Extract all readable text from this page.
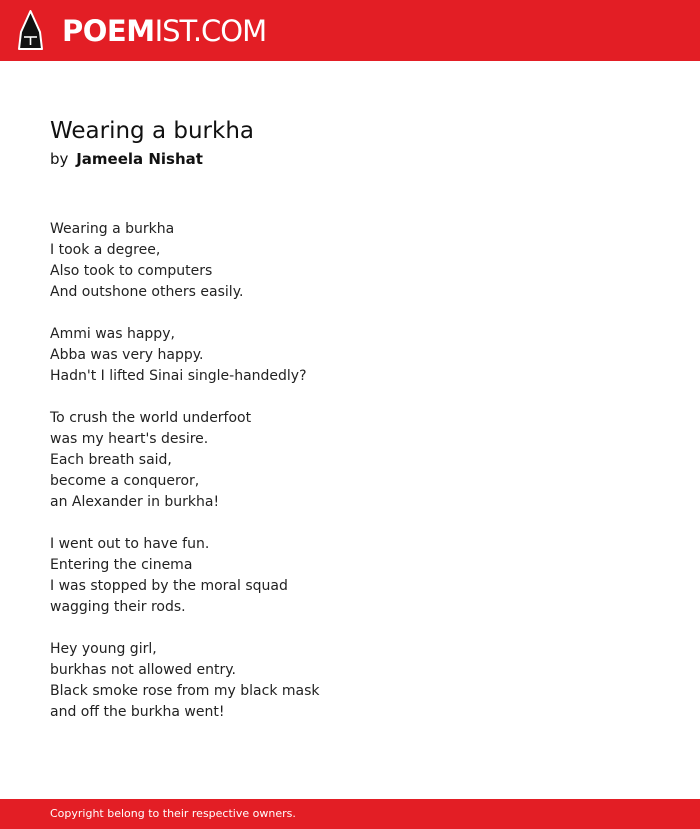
POEMIST.COM
Wearing a burkha
by Jameela Nishat
Wearing a burkha
I took a degree,
Also took to computers
And outshone others easily.
Ammi was happy,
Abba was very happy.
Hadn't I lifted Sinai single-handedly?
To crush the world underfoot
was my heart's desire.
Each breath said,
become a conqueror,
an Alexander in burkha!
I went out to have fun.
Entering the cinema
I was stopped by the moral squad
wagging their rods.
Hey young girl,
burkhas not allowed entry.
Black smoke rose from my black mask
and off the burkha went!
Copyright belong to their respective owners.
